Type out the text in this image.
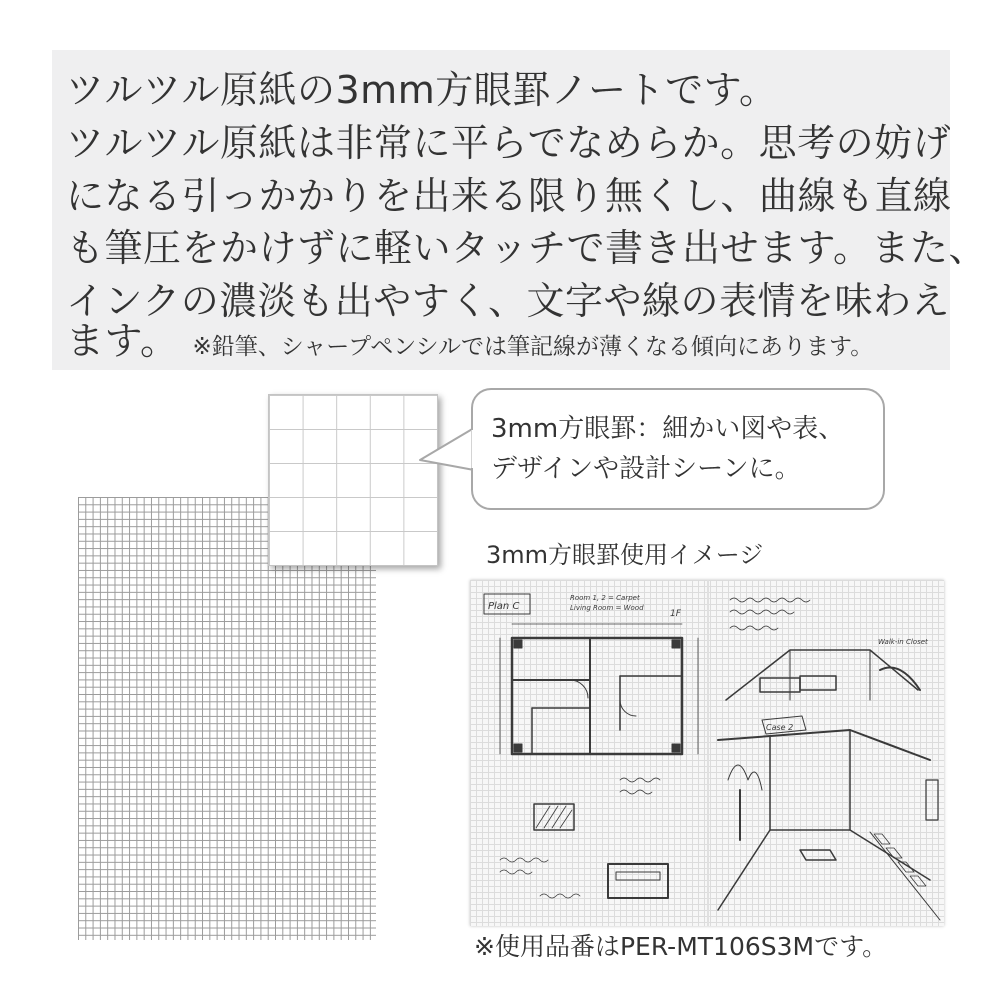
ツルツル原紙の3mm方眼罫ノートです。
ツルツル原紙は非常に平らでなめらか。思考の妨げ
になる引っかかりを出来る限り無くし、曲線も直線
も筆圧をかけずに軽いタッチで書き出せます。また、
インクの濃淡も出やすく、文字や線の表情を味わえ
ます。 ※鉛筆、シャープペンシルでは筆記線が薄くなる傾向にあります。
3mm方眼罫：細かい図や表、
デザインや設計シーンに。
3mm方眼罫使用イメージ
Plan C
Room 1, 2 = Carpet
Living Room = Wood
1F
Case 2
Walk-in Closet
※使用品番はPER-MT106S3Mです。
